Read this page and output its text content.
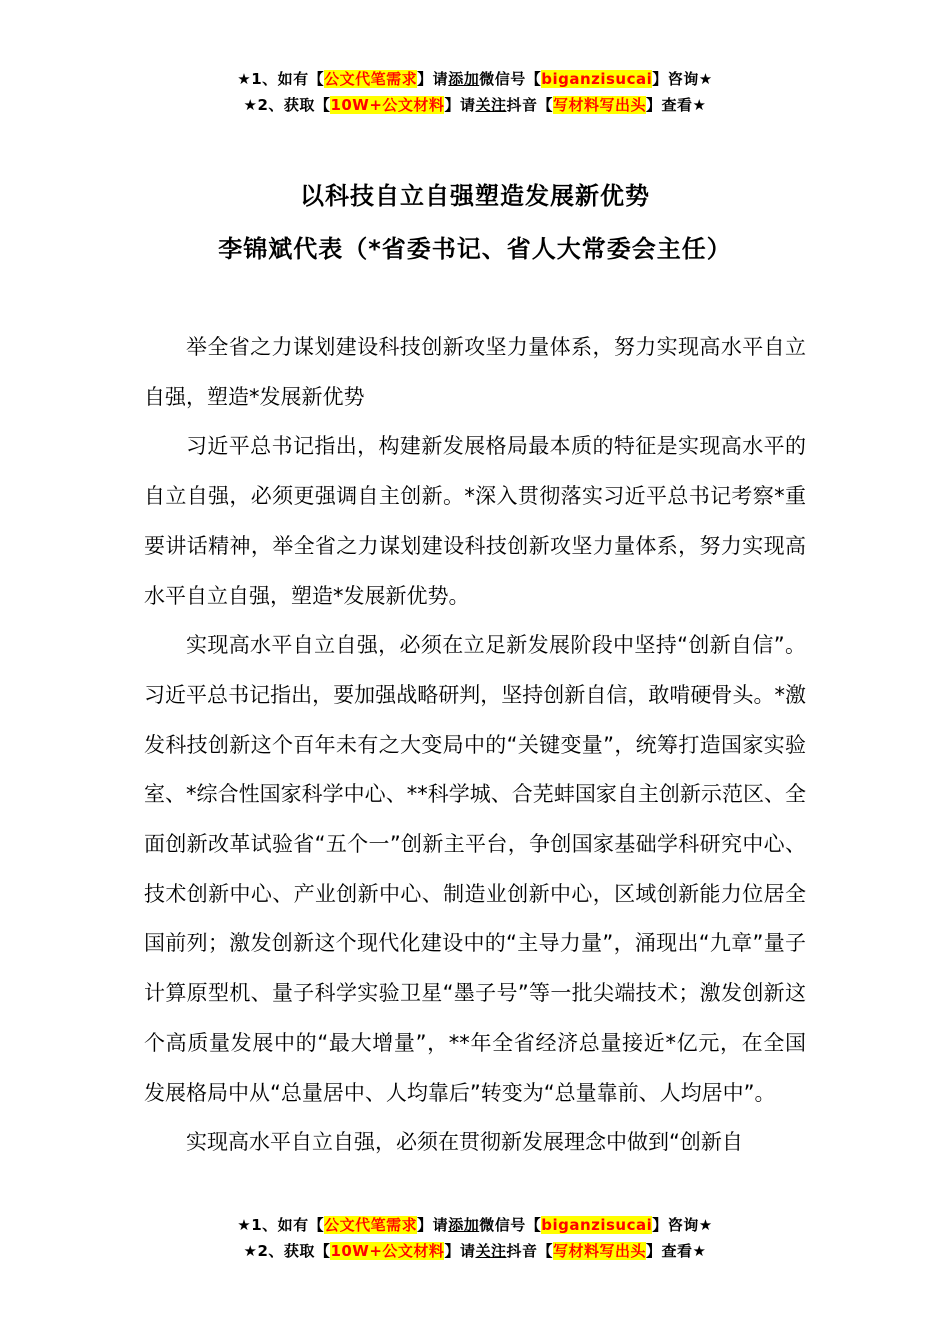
★1、如有【公文代笔需求】请添加微信号【biganzisucai】咨询★
★2、获取【10W+公文材料】请关注抖音【写材料写出头】查看★
以科技自立自强塑造发展新优势
李锦斌代表（*省委书记、省人大常委会主任）

举全省之力谋划建设科技创新攻坚力量体系，努力实现高水平自立自强，塑造*发展新优势

习近平总书记指出，构建新发展格局最本质的特征是实现高水平的自立自强，必须更强调自主创新。*深入贯彻落实习近平总书记考察*重要讲话精神，举全省之力谋划建设科技创新攻坚力量体系，努力实现高水平自立自强，塑造*发展新优势。

实现高水平自立自强，必须在立足新发展阶段中坚持“创新自信”。习近平总书记指出，要加强战略研判，坚持创新自信，敢啃硬骨头。*激发科技创新这个百年未有之大变局中的“关键变量”，统筹打造国家实验室、*综合性国家科学中心、**科学城、合芜蚌国家自主创新示范区、全面创新改革试验省“五个一”创新主平台，争创国家基础学科研究中心、技术创新中心、产业创新中心、制造业创新中心，区域创新能力位居全国前列；激发创新这个现代化建设中的“主导力量”，涌现出“九章”量子计算原型机、量子科学实验卫星“墨子号”等一批尖端技术；激发创新这个高质量发展中的“最大增量”，**年全省经济总量接近*亿元，在全国发展格局中从“总量居中、人均靠后”转变为“总量靠前、人均居中”。

实现高水平自立自强，必须在贯彻新发展理念中做到“创新自

★1、如有【公文代笔需求】请添加微信号【biganzisucai】咨询★
★2、获取【10W+公文材料】请关注抖音【写材料写出头】查看★
